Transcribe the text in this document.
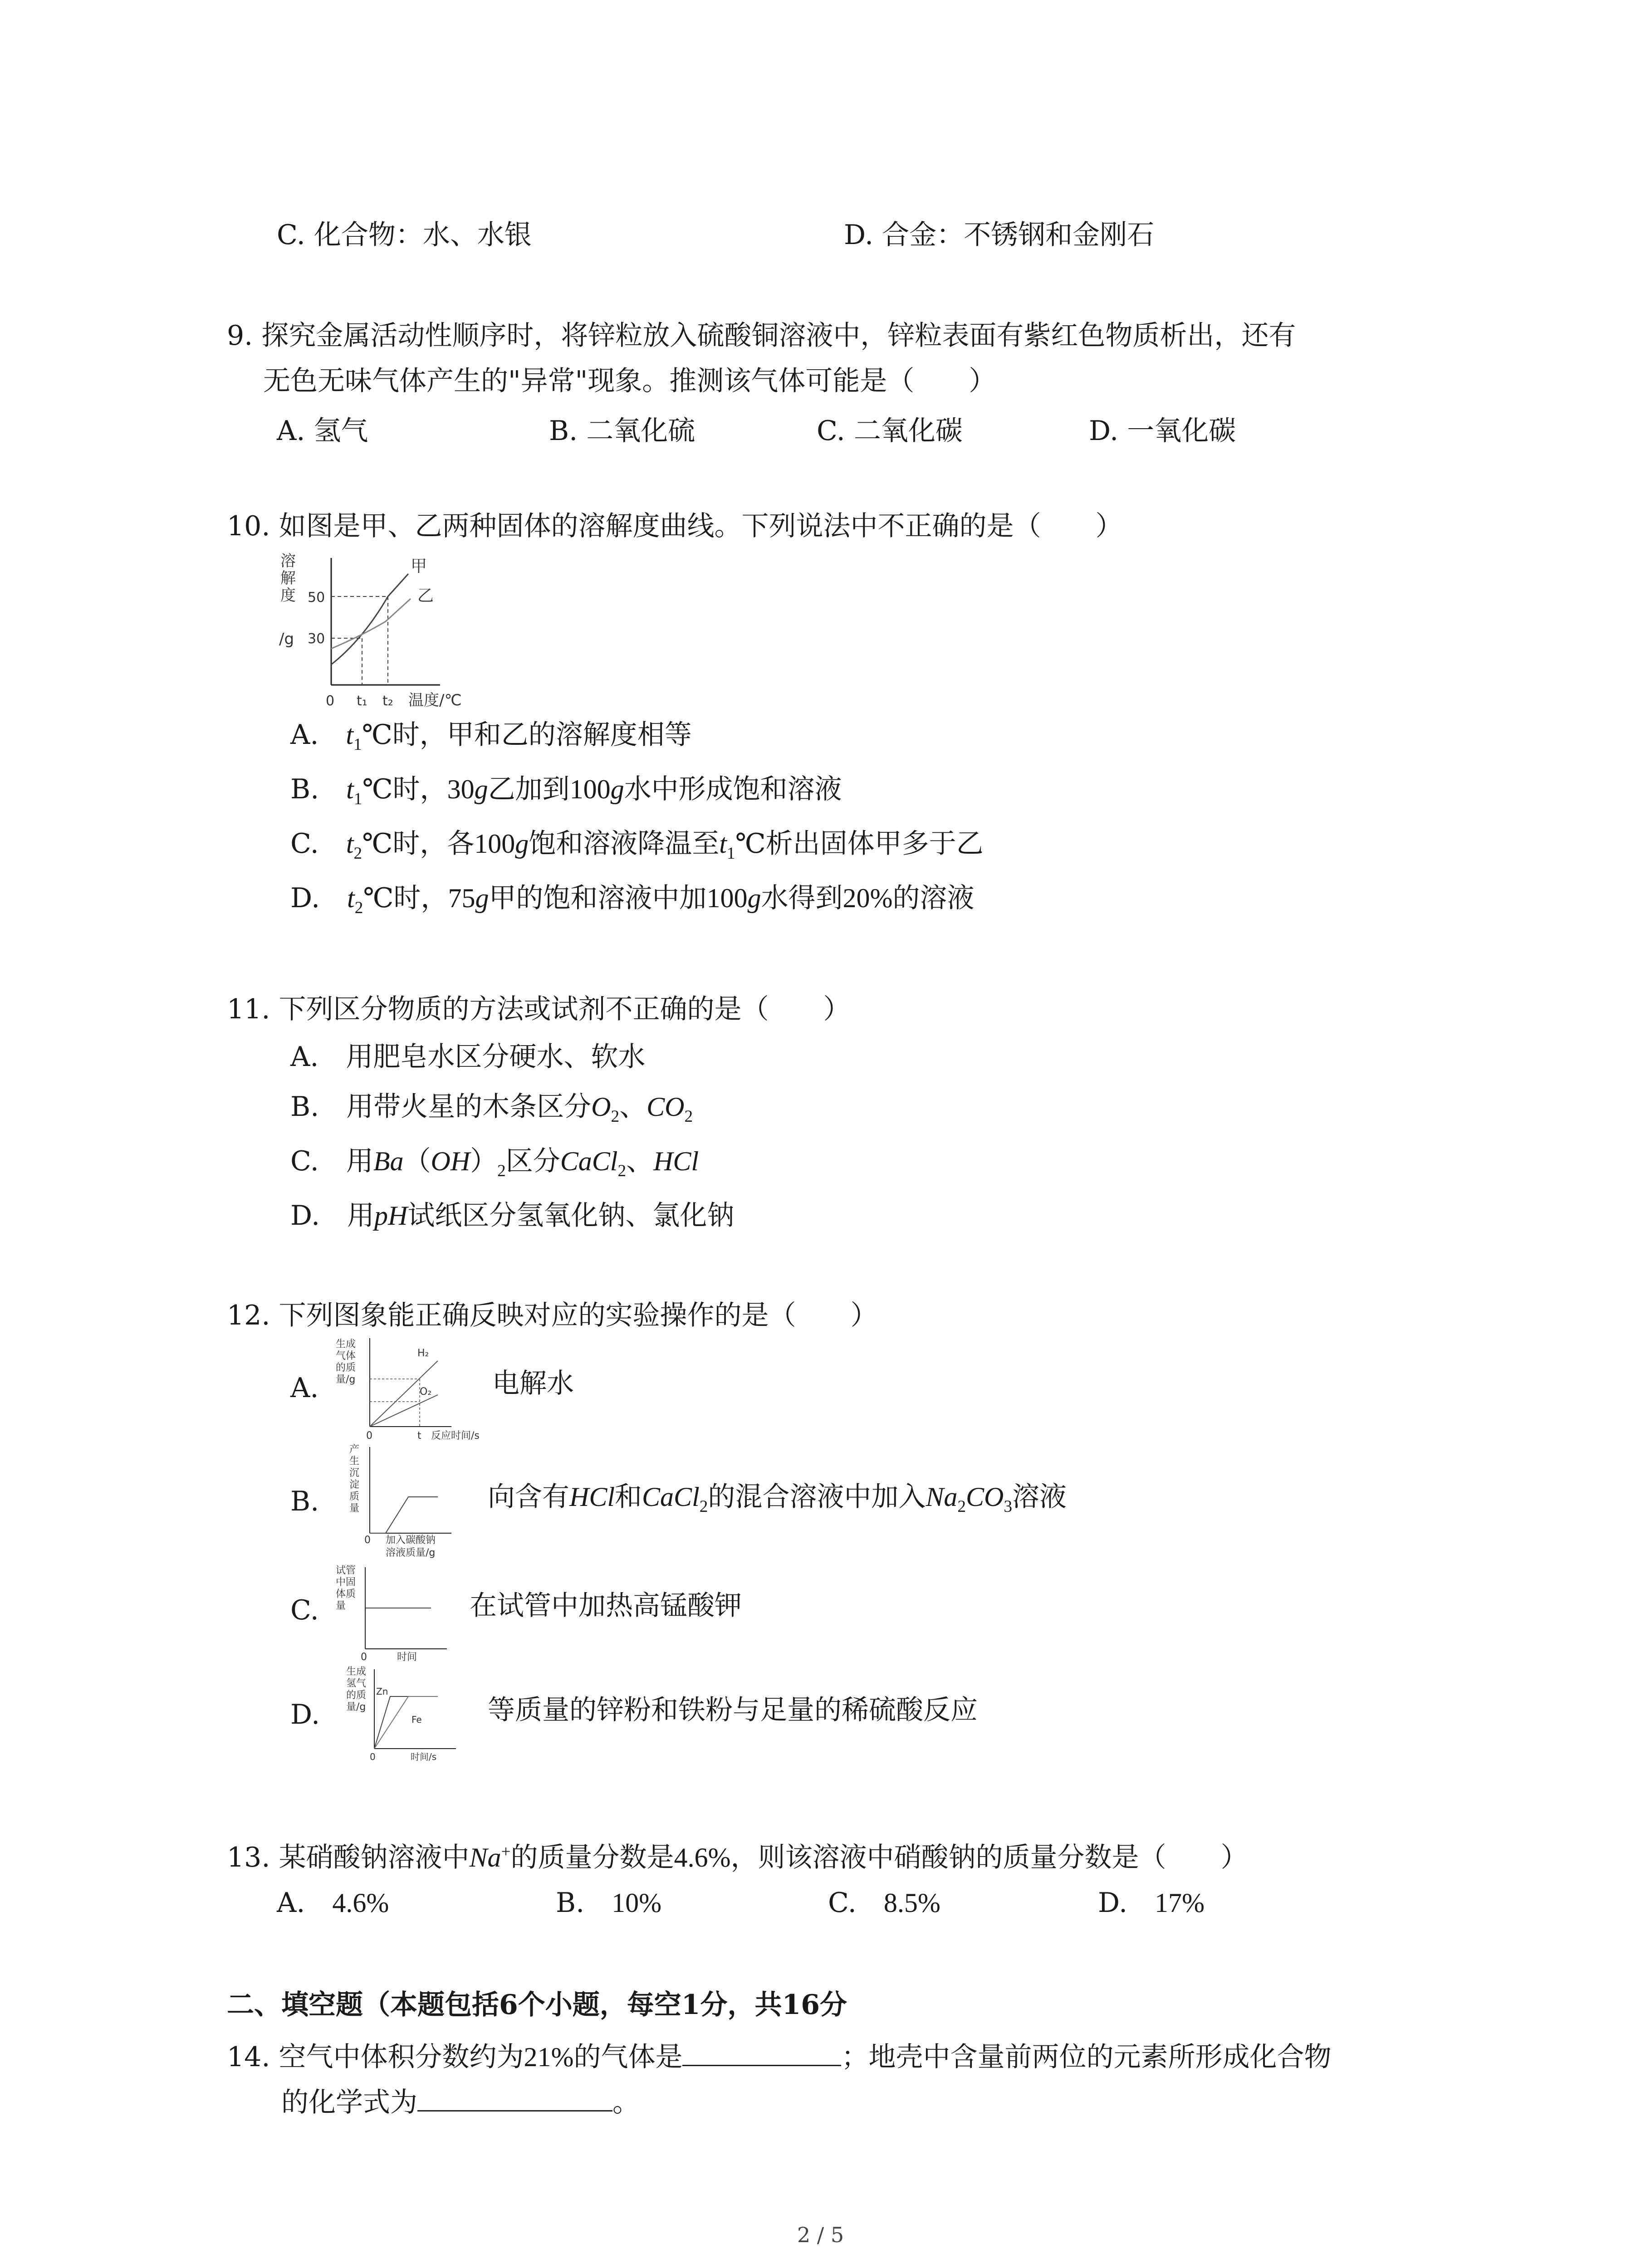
C. 化合物：水、水银	D. 合金：不锈钢和金刚石
9. 探究金属活动性顺序时，将锌粒放入硫酸铜溶液中，锌粒表面有紫红色物质析出，还有
无色无味气体产生的"异常"现象。推测该气体可能是（　　）
A. 氢气	B. 二氧化硫	C. 二氧化碳	D. 一氧化碳
10. 如图是甲、乙两种固体的溶解度曲线。下列说法中不正确的是（　　）
溶
解
度
/g
50
30
0 t₁ t₂ 温度/℃
甲
乙
A.  $t_1℃$时，甲和乙的溶解度相等
B.  $t_1℃$时，30g乙加到100g水中形成饱和溶液
C.  $t_2℃$时，各100g饱和溶液降温至$t_1℃$析出固体甲多于乙
D.  $t_2℃$时，75g甲的饱和溶液中加100g水得到20%的溶液
11. 下列区分物质的方法或试剂不正确的是（　　）
A.　用肥皂水区分硬水、软水
B.  用带火星的木条区分$O_2$、$CO_2$
C.  用$Ba(OH)_2$区分CaCl$_2$、HCl
D.  用pH试纸区分氢氧化钠、氯化钠
12. 下列图象能正确反映对应的实验操作的是（　　）
A.
生成
气体
的质
量/g
H₂
O₂
0	t 反应时间/s
电解水
B.
产
生
沉
淀
质
量
0 加入碳酸钠
溶液质量/g
向含有HCl和CaCl$_2$的混合溶液中加入$Na_2CO_3$溶液
C.
试管
中固
体质
量
0	时间
在试管中加热高锰酸钾
D.
生成
氢气
的质
量/g
Zn
Fe
0	时间/s
等质量的锌粉和铁粉与足量的稀硫酸反应
13. 某硝酸钠溶液中Na+的质量分数是4.6%，则该溶液中硝酸钠的质量分数是（　　）
A.  4.6%	B.  10%	C.  8.5%	D.  17%
二、填空题（本题包括6个小题，每空1分，共16分
14. 空气中体积分数约为21%的气体是	；地壳中含量前两位的元素所形成化合物
的化学式为	。
2 / 5
